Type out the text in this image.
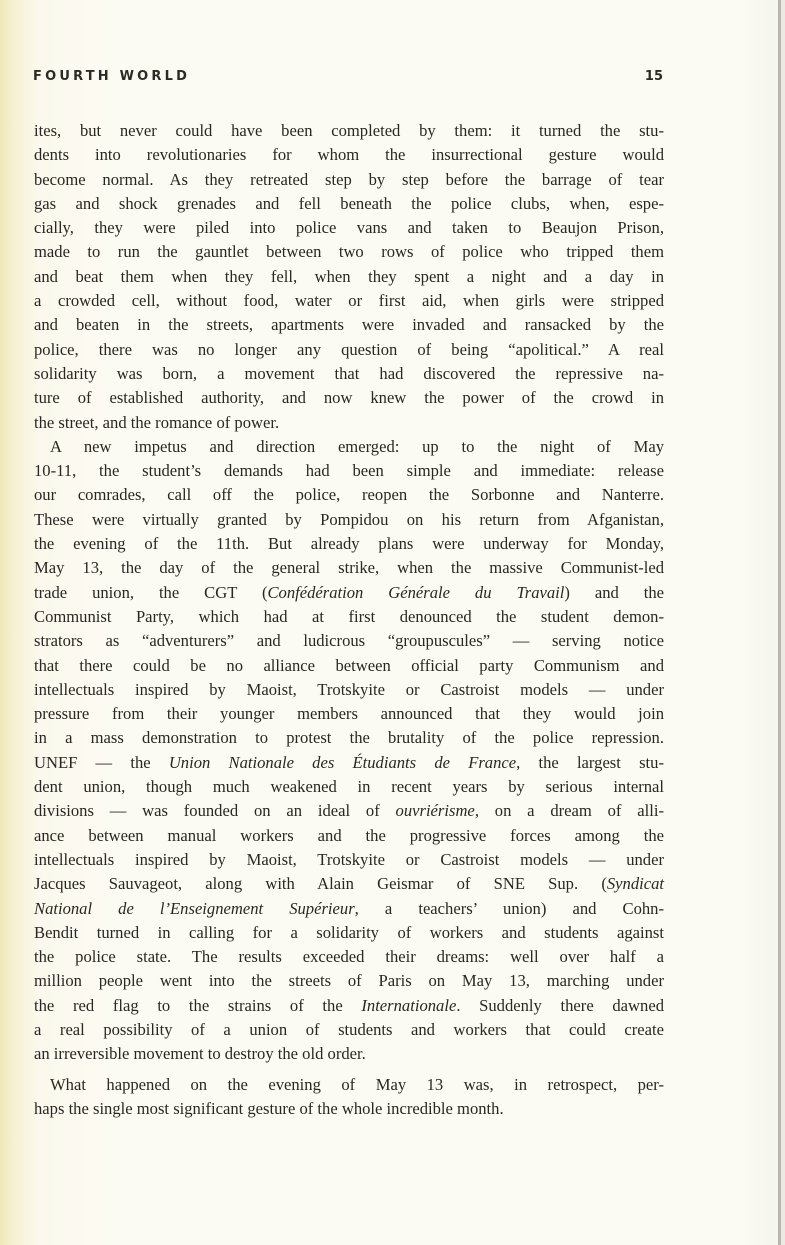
FOURTH WORLD	15
ites, but never could have been completed by them: it turned the stu-
dents into revolutionaries for whom the insurrectional gesture would
become normal. As they retreated step by step before the barrage of tear
gas and shock grenades and fell beneath the police clubs, when, espe-
cially, they were piled into police vans and taken to Beaujon Prison,
made to run the gauntlet between two rows of police who tripped them
and beat them when they fell, when they spent a night and a day in
a crowded cell, without food, water or first aid, when girls were stripped
and beaten in the streets, apartments were invaded and ransacked by the
police, there was no longer any question of being “apolitical.” A real
solidarity was born, a movement that had discovered the repressive na-
ture of established authority, and now knew the power of the crowd in
the street, and the romance of power.
A new impetus and direction emerged: up to the night of May
10-11, the student’s demands had been simple and immediate: release
our comrades, call off the police, reopen the Sorbonne and Nanterre.
These were virtually granted by Pompidou on his return from Afganistan,
the evening of the 11th. But already plans were underway for Monday,
May 13, the day of the general strike, when the massive Communist-led
trade union, the CGT (Confédération Générale du Travail) and the
Communist Party, which had at first denounced the student demon-
strators as “adventurers” and ludicrous “groupuscules” — serving notice
that there could be no alliance between official party Communism and
intellectuals inspired by Maoist, Trotskyite or Castroist models — under
pressure from their younger members announced that they would join
in a mass demonstration to protest the brutality of the police repression.
UNEF — the Union Nationale des Étudiants de France, the largest stu-
dent union, though much weakened in recent years by serious internal
divisions — was founded on an ideal of ouvriérisme, on a dream of alli-
ance between manual workers and the progressive forces among the
intellectuals inspired by Maoist, Trotskyite or Castroist models — under
Jacques Sauvageot, along with Alain Geismar of SNE Sup. (Syndicat
National de l’Enseignement Supérieur, a teachers’ union) and Cohn-
Bendit turned in calling for a solidarity of workers and students against
the police state. The results exceeded their dreams: well over half a
million people went into the streets of Paris on May 13, marching under
the red flag to the strains of the Internationale. Suddenly there dawned
a real possibility of a union of students and workers that could create
an irreversible movement to destroy the old order.
What happened on the evening of May 13 was, in retrospect, per-
haps the single most significant gesture of the whole incredible month.
